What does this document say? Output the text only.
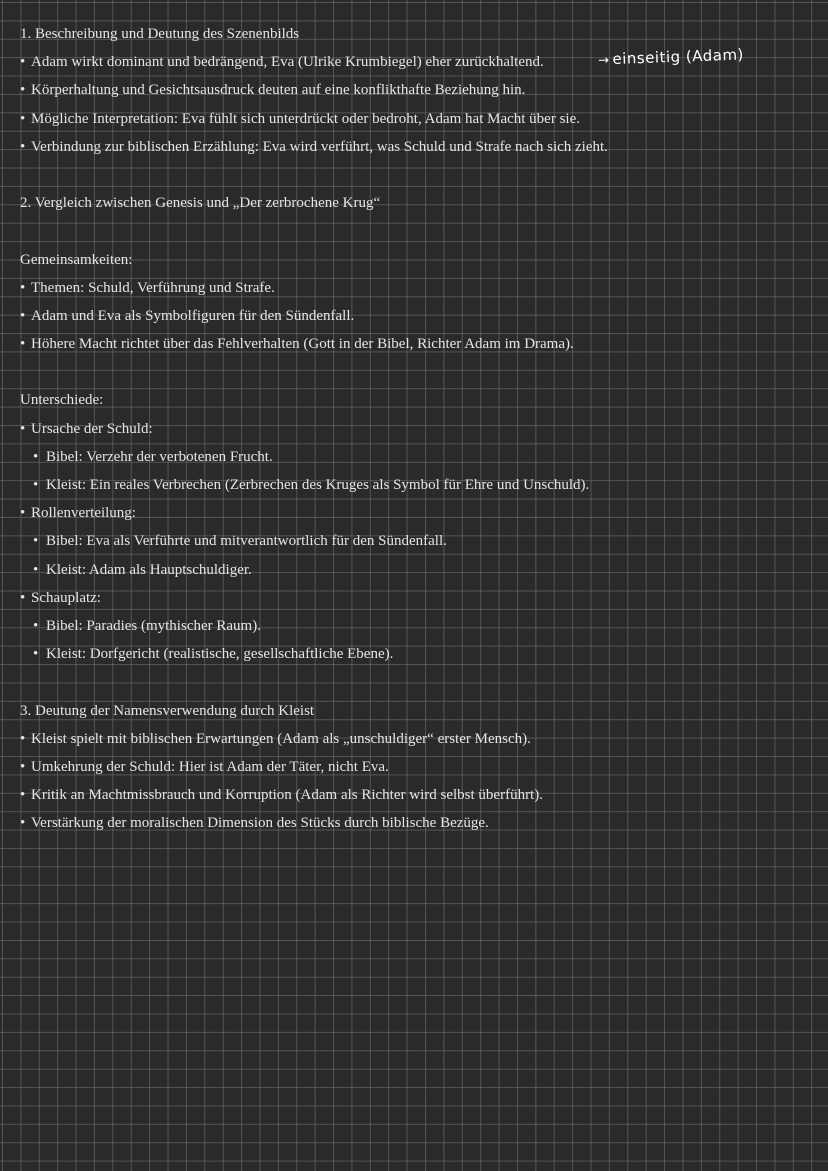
1. Beschreibung und Deutung des Szenenbilds
• Adam wirkt dominant und bedrängend, Eva (Ulrike Krumbiegel) eher zurückhaltend.
• Körperhaltung und Gesichtsausdruck deuten auf eine konflikthafte Beziehung hin.
• Mögliche Interpretation: Eva fühlt sich unterdrückt oder bedroht, Adam hat Macht über sie.
• Verbindung zur biblischen Erzählung: Eva wird verführt, was Schuld und Strafe nach sich zieht.
2. Vergleich zwischen Genesis und „Der zerbrochene Krug“
Gemeinsamkeiten:
• Themen: Schuld, Verführung und Strafe.
• Adam und Eva als Symbolfiguren für den Sündenfall.
• Höhere Macht richtet über das Fehlverhalten (Gott in der Bibel, Richter Adam im Drama).
Unterschiede:
• Ursache der Schuld:
• Bibel: Verzehr der verbotenen Frucht.
• Kleist: Ein reales Verbrechen (Zerbrechen des Kruges als Symbol für Ehre und Unschuld).
• Rollenverteilung:
• Bibel: Eva als Verführte und mitverantwortlich für den Sündenfall.
• Kleist: Adam als Hauptschuldiger.
• Schauplatz:
• Bibel: Paradies (mythischer Raum).
• Kleist: Dorfgericht (realistische, gesellschaftliche Ebene).
3. Deutung der Namensverwendung durch Kleist
• Kleist spielt mit biblischen Erwartungen (Adam als „unschuldiger“ erster Mensch).
• Umkehrung der Schuld: Hier ist Adam der Täter, nicht Eva.
• Kritik an Machtmissbrauch und Korruption (Adam als Richter wird selbst überführt).
• Verstärkung der moralischen Dimension des Stücks durch biblische Bezüge.
→ einseitig (Adam)
